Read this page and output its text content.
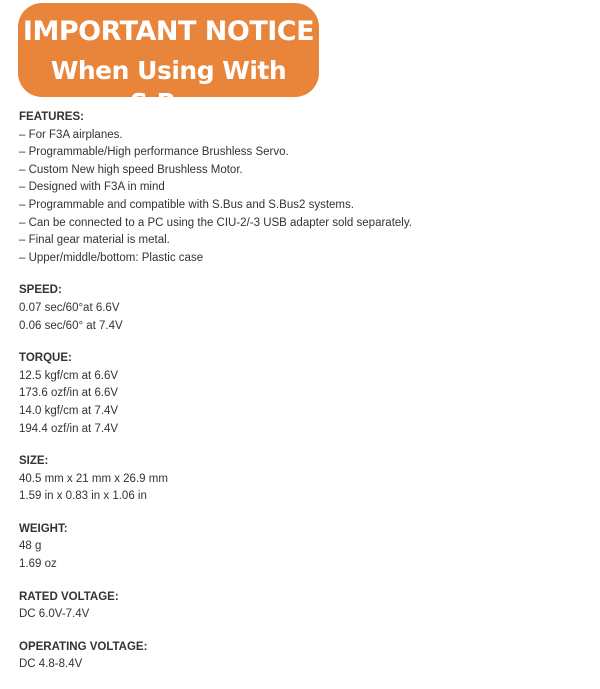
IMPORTANT NOTICE
When Using With S.Bus
FEATURES:
– For F3A airplanes.
– Programmable/High performance Brushless Servo.
– Custom New high speed Brushless Motor.
– Designed with F3A in mind
– Programmable and compatible with S.Bus and S.Bus2 systems.
– Can be connected to a PC using the CIU-2/-3 USB adapter sold separately.
– Final gear material is metal.
– Upper/middle/bottom: Plastic case
SPEED:
0.07 sec/60°at 6.6V
0.06 sec/60° at 7.4V
TORQUE:
12.5 kgf/cm at 6.6V
173.6 ozf/in at 6.6V
14.0 kgf/cm at 7.4V
194.4 ozf/in at 7.4V
SIZE:
40.5 mm x 21 mm x 26.9 mm
1.59 in x 0.83 in x 1.06 in
WEIGHT:
48 g
1.69 oz
RATED VOLTAGE:
DC 6.0V-7.4V
OPERATING VOLTAGE:
DC 4.8-8.4V
